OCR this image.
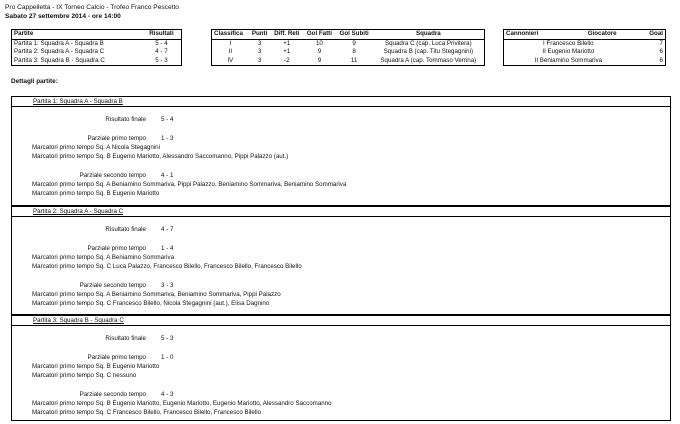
Pro Cappelletta - IX Torneo Calcio - Trofeo Franco Pescetto
Sabato 27 settembre 2014 - ore 14:00
Partite	Risultati
Partita 1: Squadra A - Squadra B	5 - 4
Partita 2: Squadra A - Squadra C	4 - 7
Partita 3: Squadra B - Squadra C	5 - 3
Classifica	Punti	Diff. Reti	Gol Fatti	Gol Subiti	Squadra
I	3	+1	10	9	Squadra C (cap. Luca Privitera)
II	3	+1	9	8	Squadra B (cap. Titu Stegagnini)
IV	3	-2	9	11	Squadra A (cap. Tommaso Verrina)
Cannonieri	Giocatore	Goal
I Francesco Bilello		7
II Eugenio Mariotto		6
II Beniamino Sommariva		6
Dettagli partite:
Partita 1: Squadra A - Squadra B
Risultato finale 5 - 4
Parziale primo tempo 1 - 3
Marcatori primo tempo Sq. A Nicola Stegagnini
Marcatori primo tempo Sq. B Eugenio Mariotto, Alessandro Saccomanno, Pippi Palazzo (aut.)
Parziale secondo tempo 4 - 1
Marcatori primo tempo Sq. A Beniamino Sommariva, Pippi Palazzo, Beniamino Sommariva, Beniamino Sommariva
Marcatori primo tempo Sq. B Eugenio Mariotto
Partita 2: Squadra A - Squadra C
Risultato finale 4 - 7
Parziale primo tempo 1 - 4
Marcatori primo tempo Sq. A Beniamino Sommariva
Marcatori primo tempo Sq. C Luca Palazzo, Francesco Bilello, Francesco Bilello, Francesco Bilello
Parziale secondo tempo 3 - 3
Marcatori primo tempo Sq. A Beniamino Sommariva, Beniamino Sommariva, Pippi Palazzo
Marcatori primo tempo Sq. C Francesco Bilello, Nicola Stegagnini (aut.), Elisa Dagnino
Partita 3: Squadra B - Squadra C
Risultato finale 5 - 3
Parziale primo tempo 1 - 0
Marcatori primo tempo Sq. B Eugenio Mariotto
Marcatori primo tempo Sq. C nessuno
Parziale secondo tempo 4 - 3
Marcatori primo tempo Sq. B Eugenio Mariotto, Eugenio Mariotto, Eugenio Mariotto, Alessandro Saccomanno
Marcatori primo tempo Sq. C Francesco Bilello, Francesco Bilello, Francesco Bilello
